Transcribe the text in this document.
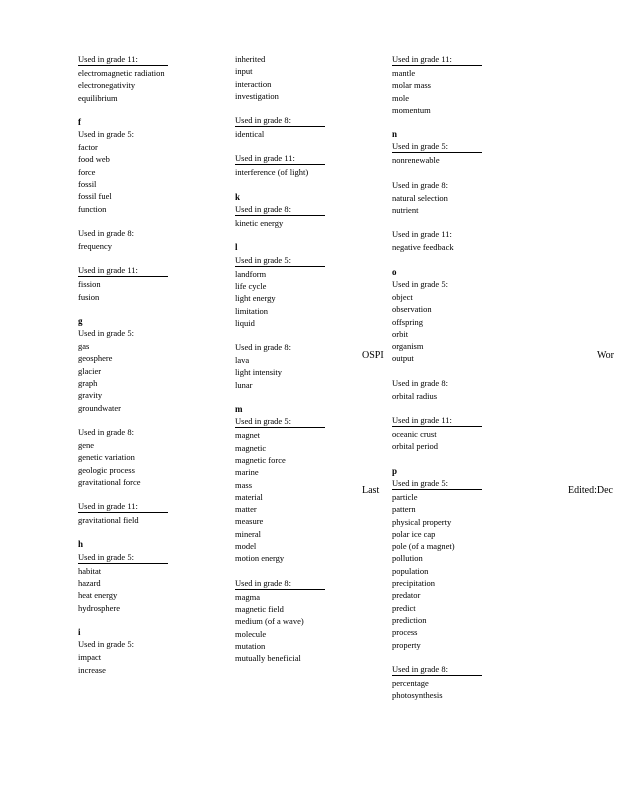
Used in grade 11:
electromagnetic radiation
electronegativity
equilibrium
f
Used in grade 5:
factor
food web
force
fossil
fossil fuel
function
Used in grade 8:
frequency
Used in grade 11:
fission
fusion
g
Used in grade 5:
gas
geosphere
glacier
graph
gravity
groundwater
Used in grade 8:
gene
genetic variation
geologic process
gravitational force
Used in grade 11:
gravitational field
h
Used in grade 5:
habitat
hazard
heat energy
hydrosphere
i
Used in grade 5:
impact
increase
inherited
input
interaction
investigation
Used in grade 8:
identical
Used in grade 11:
interference (of light)
k
Used in grade 8:
kinetic energy
l
Used in grade 5:
landform
life cycle
light energy
limitation
liquid
Used in grade 8:
lava
light intensity
lunar
m
Used in grade 5:
magnet
magnetic
magnetic force
marine
mass
material
matter
measure
mineral
model
motion energy
Used in grade 8:
magma
magnetic field
medium (of a wave)
molecule
mutation
mutually beneficial
Used in grade 11:
mantle
molar mass
mole
momentum
n
Used in grade 5:
nonrenewable
Used in grade 8:
natural selection
nutrient
Used in grade 11:
negative feedback
o
Used in grade 5:
object
observation
offspring
orbit
organism
output
Used in grade 8:
orbital radius
Used in grade 11:
oceanic crust
orbital period
p
Used in grade 5:
particle
pattern
physical property
polar ice cap
pole (of a magnet)
pollution
population
precipitation
predator
predict
prediction
process
property
Used in grade 8:
percentage
photosynthesis
OSPI	Wor
Last	Edited:Dec
